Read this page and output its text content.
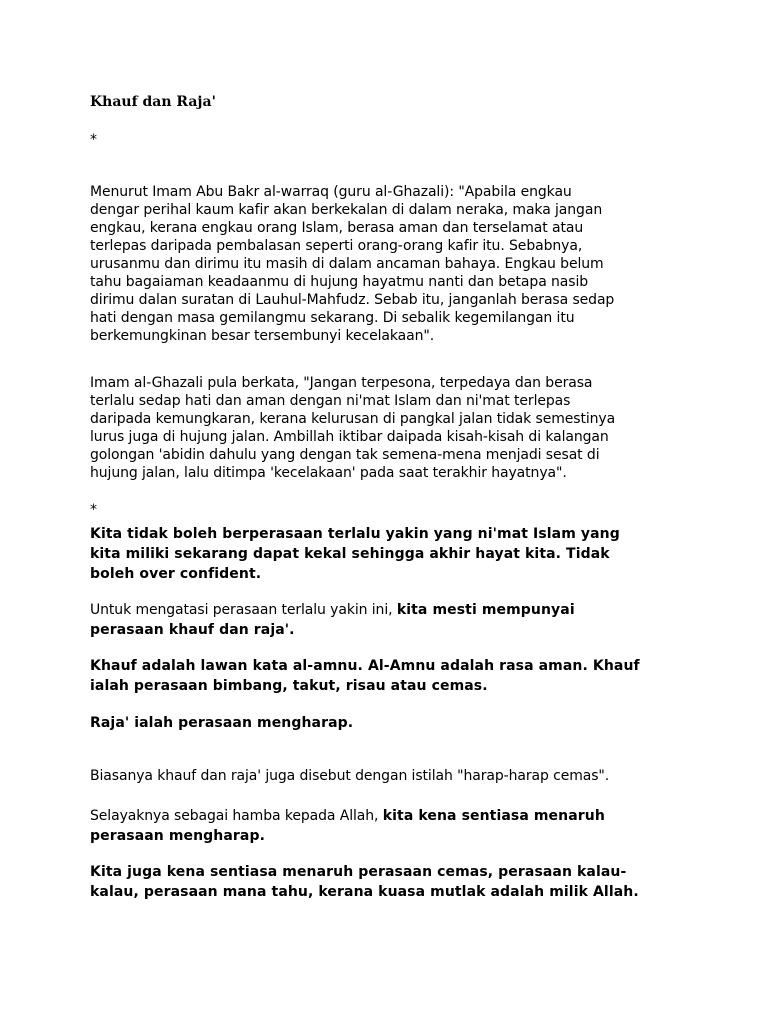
Khauf dan Raja'
*

Menurut Imam Abu Bakr al-warraq (guru al-Ghazali): "Apabila engkau
dengar perihal kaum kafir akan berkekalan di dalam neraka, maka jangan
engkau, kerana engkau orang Islam, berasa aman dan terselamat atau
terlepas daripada pembalasan seperti orang-orang kafir itu. Sebabnya,
urusanmu dan dirimu itu masih di dalam ancaman bahaya. Engkau belum
tahu bagaiaman keadaanmu di hujung hayatmu nanti dan betapa nasib
dirimu dalan suratan di Lauhul-Mahfudz. Sebab itu, janganlah berasa sedap
hati dengan masa gemilangmu sekarang. Di sebalik kegemilangan itu
berkemungkinan besar tersembunyi kecelakaan".

Imam al-Ghazali pula berkata, "Jangan terpesona, terpedaya dan berasa
terlalu sedap hati dan aman dengan ni'mat Islam dan ni'mat terlepas
daripada kemungkaran, kerana kelurusan di pangkal jalan tidak semestinya
lurus juga di hujung jalan. Ambillah iktibar daipada kisah-kisah di kalangan
golongan 'abidin dahulu yang dengan tak semena-mena menjadi sesat di
hujung jalan, lalu ditimpa 'kecelakaan' pada saat terakhir hayatnya".

*

Kita tidak boleh berperasaan terlalu yakin yang ni'mat Islam yang
kita miliki sekarang dapat kekal sehingga akhir hayat kita. Tidak
boleh over confident.

Untuk mengatasi perasaan terlalu yakin ini, kita mesti mempunyai
perasaan khauf dan raja'.

Khauf adalah lawan kata al-amnu. Al-Amnu adalah rasa aman. Khauf
ialah perasaan bimbang, takut, risau atau cemas.

Raja' ialah perasaan mengharap.

Biasanya khauf dan raja' juga disebut dengan istilah "harap-harap cemas".

Selayaknya sebagai hamba kepada Allah, kita kena sentiasa menaruh
perasaan mengharap.

Kita juga kena sentiasa menaruh perasaan cemas, perasaan kalau-
kalau, perasaan mana tahu, kerana kuasa mutlak adalah milik Allah.
